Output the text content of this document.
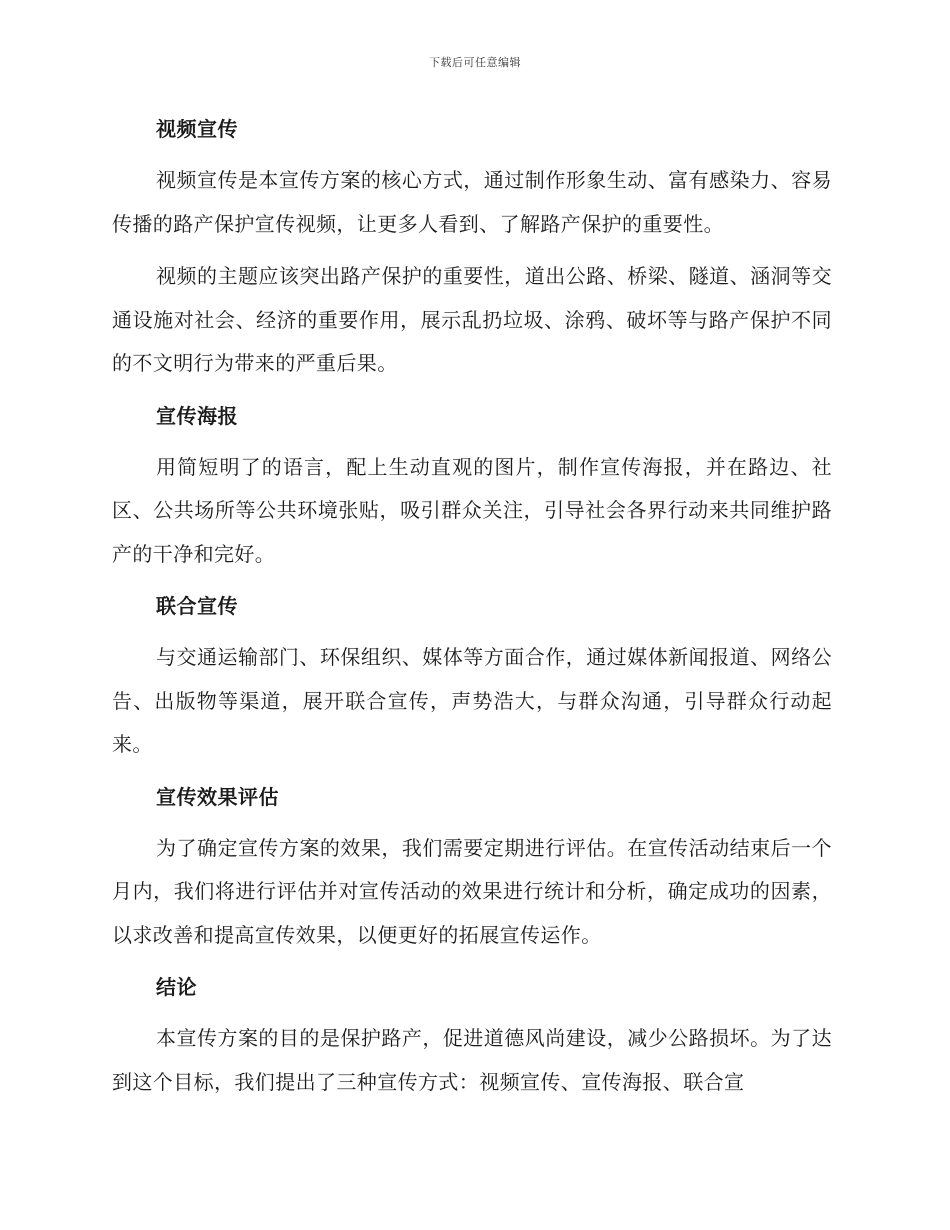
下载后可任意编辑
视频宣传

视频宣传是本宣传方案的核心方式，通过制作形象生动、富有感染力、容易传播的路产保护宣传视频，让更多人看到、了解路产保护的重要性。

视频的主题应该突出路产保护的重要性，道出公路、桥梁、隧道、涵洞等交通设施对社会、经济的重要作用，展示乱扔垃圾、涂鸦、破坏等与路产保护不同的不文明行为带来的严重后果。

宣传海报

用简短明了的语言，配上生动直观的图片，制作宣传海报，并在路边、社区、公共场所等公共环境张贴，吸引群众关注，引导社会各界行动来共同维护路产的干净和完好。

联合宣传

与交通运输部门、环保组织、媒体等方面合作，通过媒体新闻报道、网络公告、出版物等渠道，展开联合宣传，声势浩大，与群众沟通，引导群众行动起来。

宣传效果评估

为了确定宣传方案的效果，我们需要定期进行评估。在宣传活动结束后一个月内，我们将进行评估并对宣传活动的效果进行统计和分析，确定成功的因素，以求改善和提高宣传效果，以便更好的拓展宣传运作。

结论

本宣传方案的目的是保护路产，促进道德风尚建设，减少公路损坏。为了达到这个目标，我们提出了三种宣传方式：视频宣传、宣传海报、联合宣
